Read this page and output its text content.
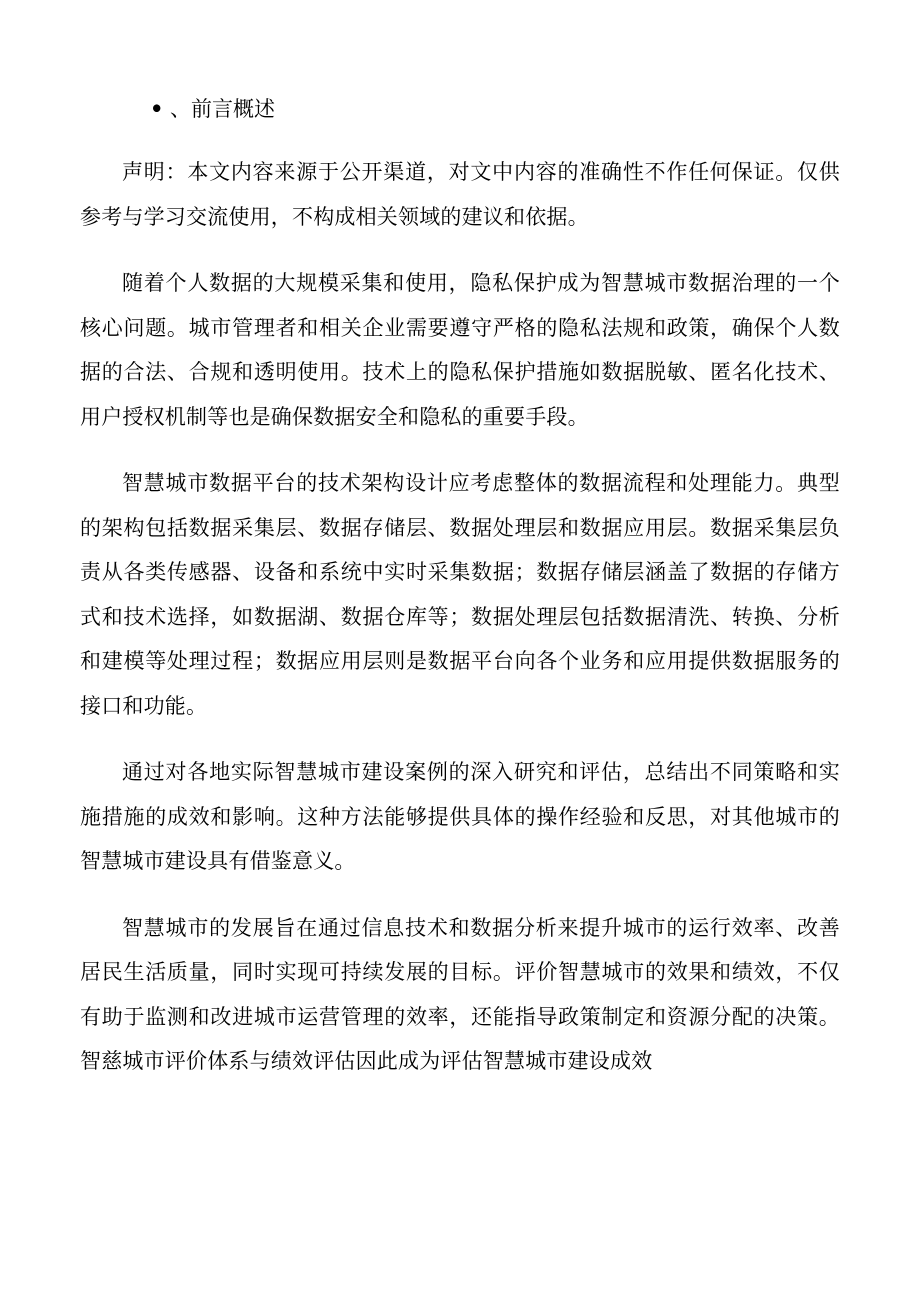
• 、前言概述

声明：本文内容来源于公开渠道，对文中内容的准确性不作任何保证。仅供参考与学习交流使用，不构成相关领域的建议和依据。

随着个人数据的大规模采集和使用，隐私保护成为智慧城市数据治理的一个核心问题。城市管理者和相关企业需要遵守严格的隐私法规和政策，确保个人数据的合法、合规和透明使用。技术上的隐私保护措施如数据脱敏、匿名化技术、用户授权机制等也是确保数据安全和隐私的重要手段。

智慧城市数据平台的技术架构设计应考虑整体的数据流程和处理能力。典型的架构包括数据采集层、数据存储层、数据处理层和数据应用层。数据采集层负责从各类传感器、设备和系统中实时采集数据；数据存储层涵盖了数据的存储方式和技术选择，如数据湖、数据仓库等；数据处理层包括数据清洗、转换、分析和建模等处理过程；数据应用层则是数据平台向各个业务和应用提供数据服务的接口和功能。

通过对各地实际智慧城市建设案例的深入研究和评估，总结出不同策略和实施措施的成效和影响。这种方法能够提供具体的操作经验和反思，对其他城市的智慧城市建设具有借鉴意义。

智慧城市的发展旨在通过信息技术和数据分析来提升城市的运行效率、改善居民生活质量，同时实现可持续发展的目标。评价智慧城市的效果和绩效，不仅有助于监测和改进城市运营管理的效率，还能指导政策制定和资源分配的决策。智慈城市评价体系与绩效评估因此成为评估智慧城市建设成效
